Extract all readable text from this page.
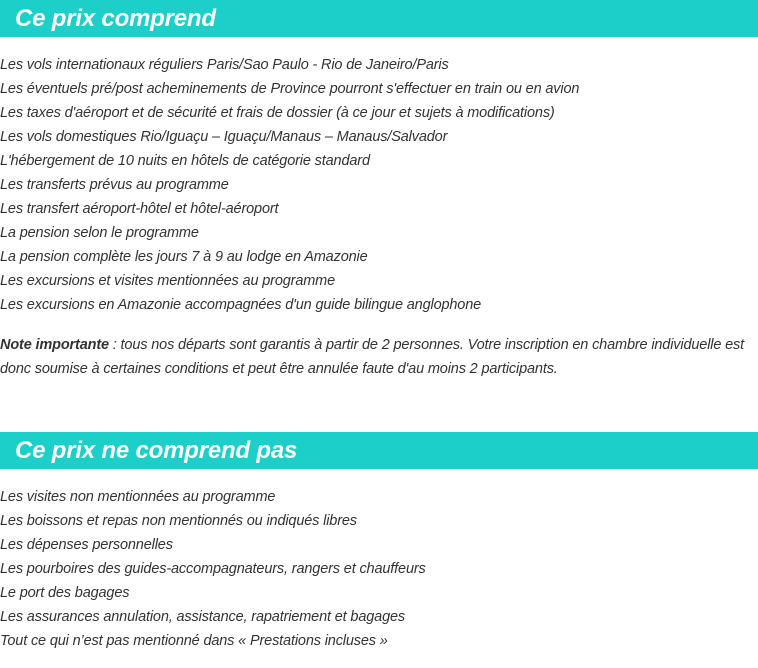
Ce prix comprend
Les vols internationaux réguliers Paris/Sao Paulo - Rio de Janeiro/Paris
Les éventuels pré/post acheminements de Province pourront s'effectuer en train ou en avion
Les taxes d'aéroport et de sécurité et frais de dossier (à ce jour et sujets à modifications)
Les vols domestiques Rio/Iguaçu – Iguaçu/Manaus – Manaus/Salvador
L'hébergement de 10 nuits en hôtels de catégorie standard
Les transferts prévus au programme
Les transfert aéroport-hôtel et hôtel-aéroport
La pension selon le programme
La pension complète les jours 7 à 9 au lodge en Amazonie
Les excursions et visites mentionnées au programme
Les excursions en Amazonie accompagnées d'un guide bilingue anglophone

Note importante : tous nos départs sont garantis à partir de 2 personnes. Votre inscription en chambre individuelle est donc soumise à certaines conditions et peut être annulée faute d'au moins 2 participants.

Ce prix ne comprend pas
Les visites non mentionnées au programme
Les boissons et repas non mentionnés ou indiqués libres
Les dépenses personnelles
Les pourboires des guides-accompagnateurs, rangers et chauffeurs
Le port des bagages
Les assurances annulation, assistance, rapatriement et bagages
Tout ce qui n’est pas mentionné dans « Prestations incluses »
